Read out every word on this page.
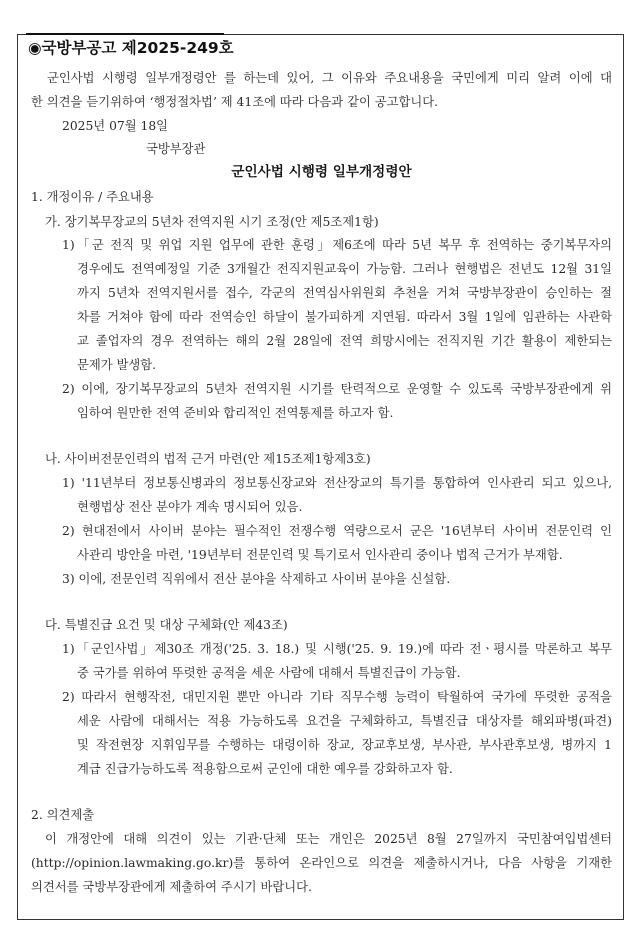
◉국방부공고 제2025-249호
군인사법 시행령 일부개정령안 를 하는데 있어, 그 이유와 주요내용을 국민에게 미리 알려 이에 대
한 의견을 듣기위하여 ‘행정절차법’ 제 41조에 따라 다음과 같이 공고합니다.
2025년 07월 18일
국방부장관
군인사법 시행령 일부개정령안
1. 개정이유 / 주요내용
가. 장기복무장교의 5년차 전역지원 시기 조정(안 제5조제1항)
1)「군 전직 및 위업 지원 업무에 관한 훈령」제6조에 따라 5년 복무 후 전역하는 중기복무자의
경우에도 전역예정일 기준 3개월간 전직지원교육이 가능함. 그러나 현행법은 전년도 12월 31일
까지 5년차 전역지원서를 접수, 각군의 전역심사위원회 추천을 거쳐 국방부장관이 승인하는 절
차를 거쳐야 함에 따라 전역승인 하달이 불가피하게 지연됨. 따라서 3월 1일에 임관하는 사관학
교 졸업자의 경우 전역하는 해의 2월 28일에 전역 희망시에는 전직지원 기간 활용이 제한되는
문제가 발생함.
2) 이에, 장기복무장교의 5년차 전역지원 시기를 탄력적으로 운영할 수 있도록 국방부장관에게 위
임하여 원만한 전역 준비와 합리적인 전역통제를 하고자 함.
나. 사이버전문인력의 법적 근거 마련(안 제15조제1항제3호)
1) '11년부터 정보통신병과의 정보통신장교와 전산장교의 특기를 통합하여 인사관리 되고 있으나,
현행법상 전산 분야가 계속 명시되어 있음.
2) 현대전에서 사이버 분야는 필수적인 전쟁수행 역량으로서 군은 '16년부터 사이버 전문인력 인
사관리 방안을 마련, '19년부터 전문인력 및 특기로서 인사관리 중이나 법적 근거가 부재함.
3) 이에, 전문인력 직위에서 전산 분야을 삭제하고 사이버 분야을 신설함.
다. 특별진급 요건 및 대상 구체화(안 제43조)
1)「군인사법」제30조 개정('25. 3. 18.) 및 시행('25. 9. 19.)에 따라 전ㆍ평시를 막론하고 복무
중 국가를 위하여 뚜렷한 공적을 세운 사람에 대해서 특별진급이 가능함.
2) 따라서 현행작전, 대민지원 뿐만 아니라 기타 직무수행 능력이 탁월하여 국가에 뚜렷한 공적을
세운 사람에 대해서는 적용 가능하도록 요건을 구체화하고, 특별진급 대상자를 해외파병(파견)
및 작전현장 지휘임무를 수행하는 대령이하 장교, 장교후보생, 부사관, 부사관후보생, 병까지 1
계급 진급가능하도록 적용함으로써 군인에 대한 예우를 강화하고자 함.
2. 의견제출
이 개정안에 대해 의견이 있는 기관·단체 또는 개인은 2025년 8월 27일까지 국민참여입법센터
(http://opinion.lawmaking.go.kr)를 통하여 온라인으로 의견을 제출하시거나, 다음 사항을 기재한
의견서를 국방부장관에게 제출하여 주시기 바랍니다.
